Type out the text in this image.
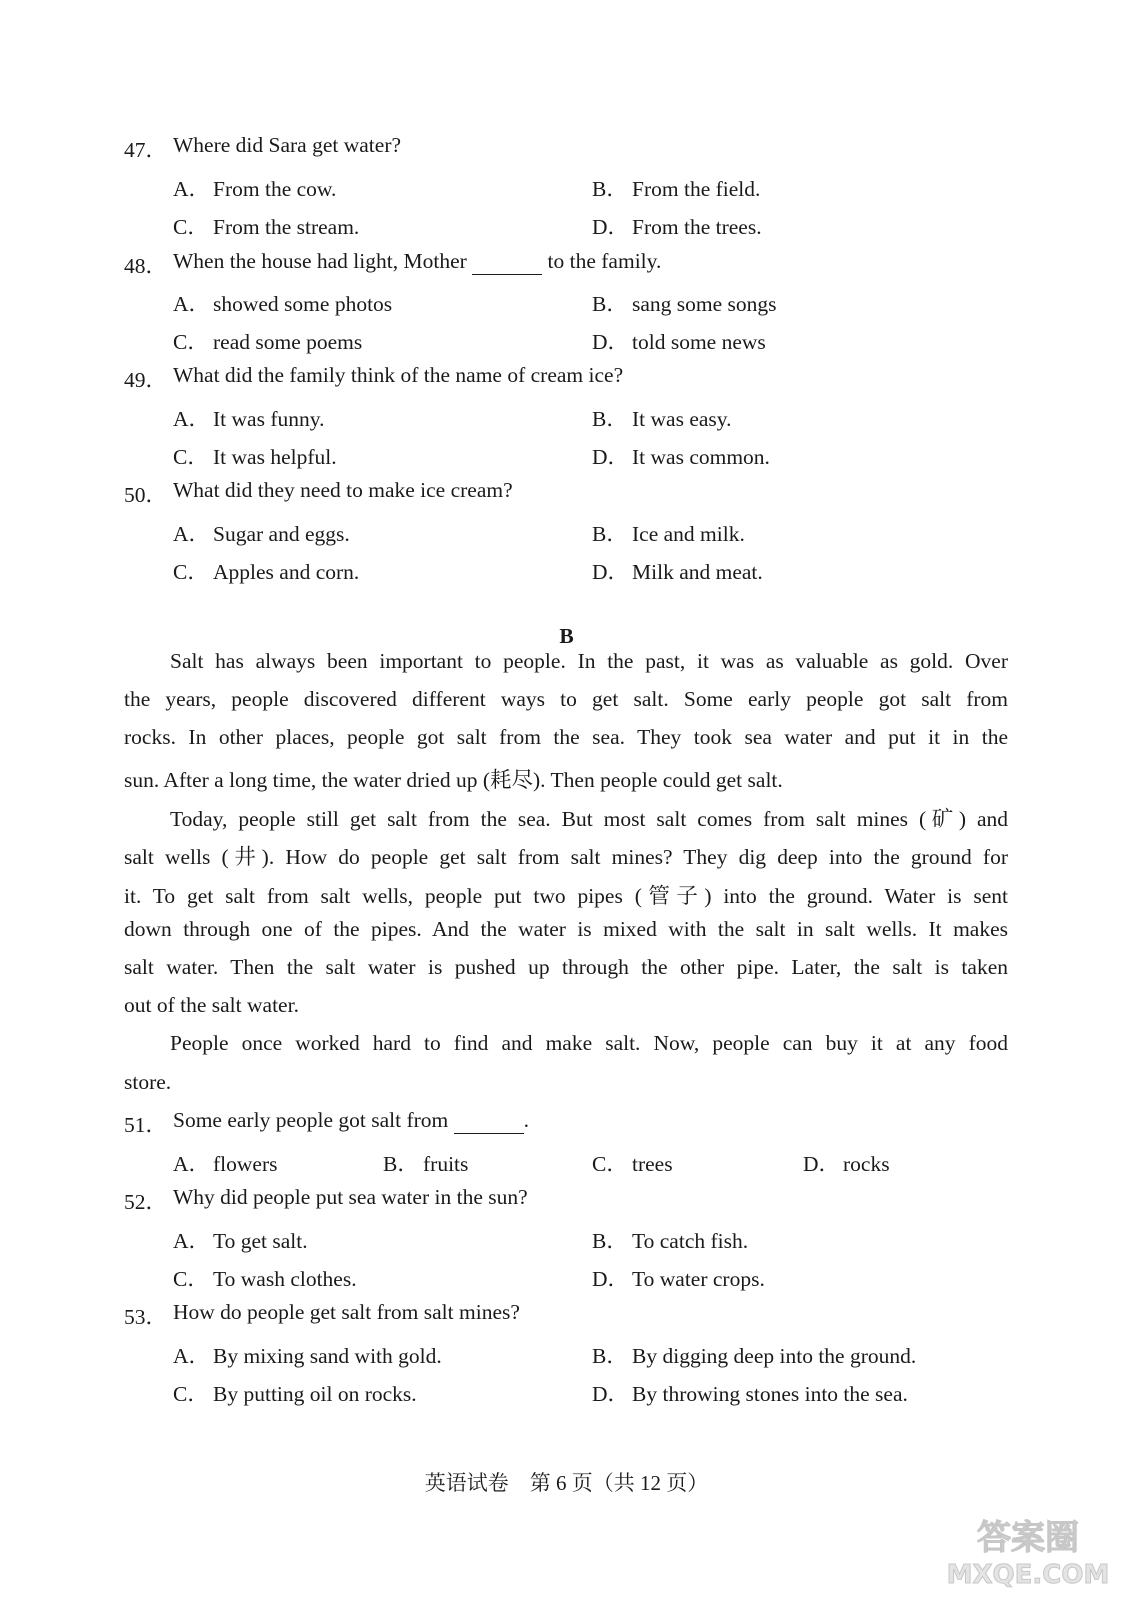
47． Where did Sara get water?
A． From the cow.	B． From the field.
C． From the stream.	D． From the trees.
48． When the house had light, Mother	to the family.
A． showed some photos	B． sang some songs
C． read some poems	D． told some news
49． What did the family think of the name of cream ice?
A． It was funny.	B． It was easy.
C． It was helpful.	D． It was common.
50． What did they need to make ice cream?
A． Sugar and eggs.	B． Ice and milk.
C． Apples and corn.	D． Milk and meat.
B
Salt has always been important to people. In the past, it was as valuable as gold. Over
the years, people discovered different ways to get salt. Some early people got salt from
rocks. In other places, people got salt from the sea. They took sea water and put it in the
sun. After a long time, the water dried up (耗尽). Then people could get salt.
Today, people still get salt from the sea. But most salt comes from salt mines (矿) and
salt wells (井). How do people get salt from salt mines? They dig deep into the ground for
it. To get salt from salt wells, people put two pipes (管子) into the ground. Water is sent
down through one of the pipes. And the water is mixed with the salt in salt wells. It makes
salt water. Then the salt water is pushed up through the other pipe. Later, the salt is taken
out of the salt water.
People once worked hard to find and make salt. Now, people can buy it at any food
store.
51． Some early people got salt from	.
A． flowers	B． fruits	C． trees	D． rocks
52． Why did people put sea water in the sun?
A． To get salt.	B． To catch fish.
C． To wash clothes.	D． To water crops.
53． How do people get salt from salt mines?
A． By mixing sand with gold.	B． By digging deep into the ground.
C． By putting oil on rocks.	D． By throwing stones into the sea.
英语试卷　第 6 页（共 12 页）
答案圈
MXQE.COM
